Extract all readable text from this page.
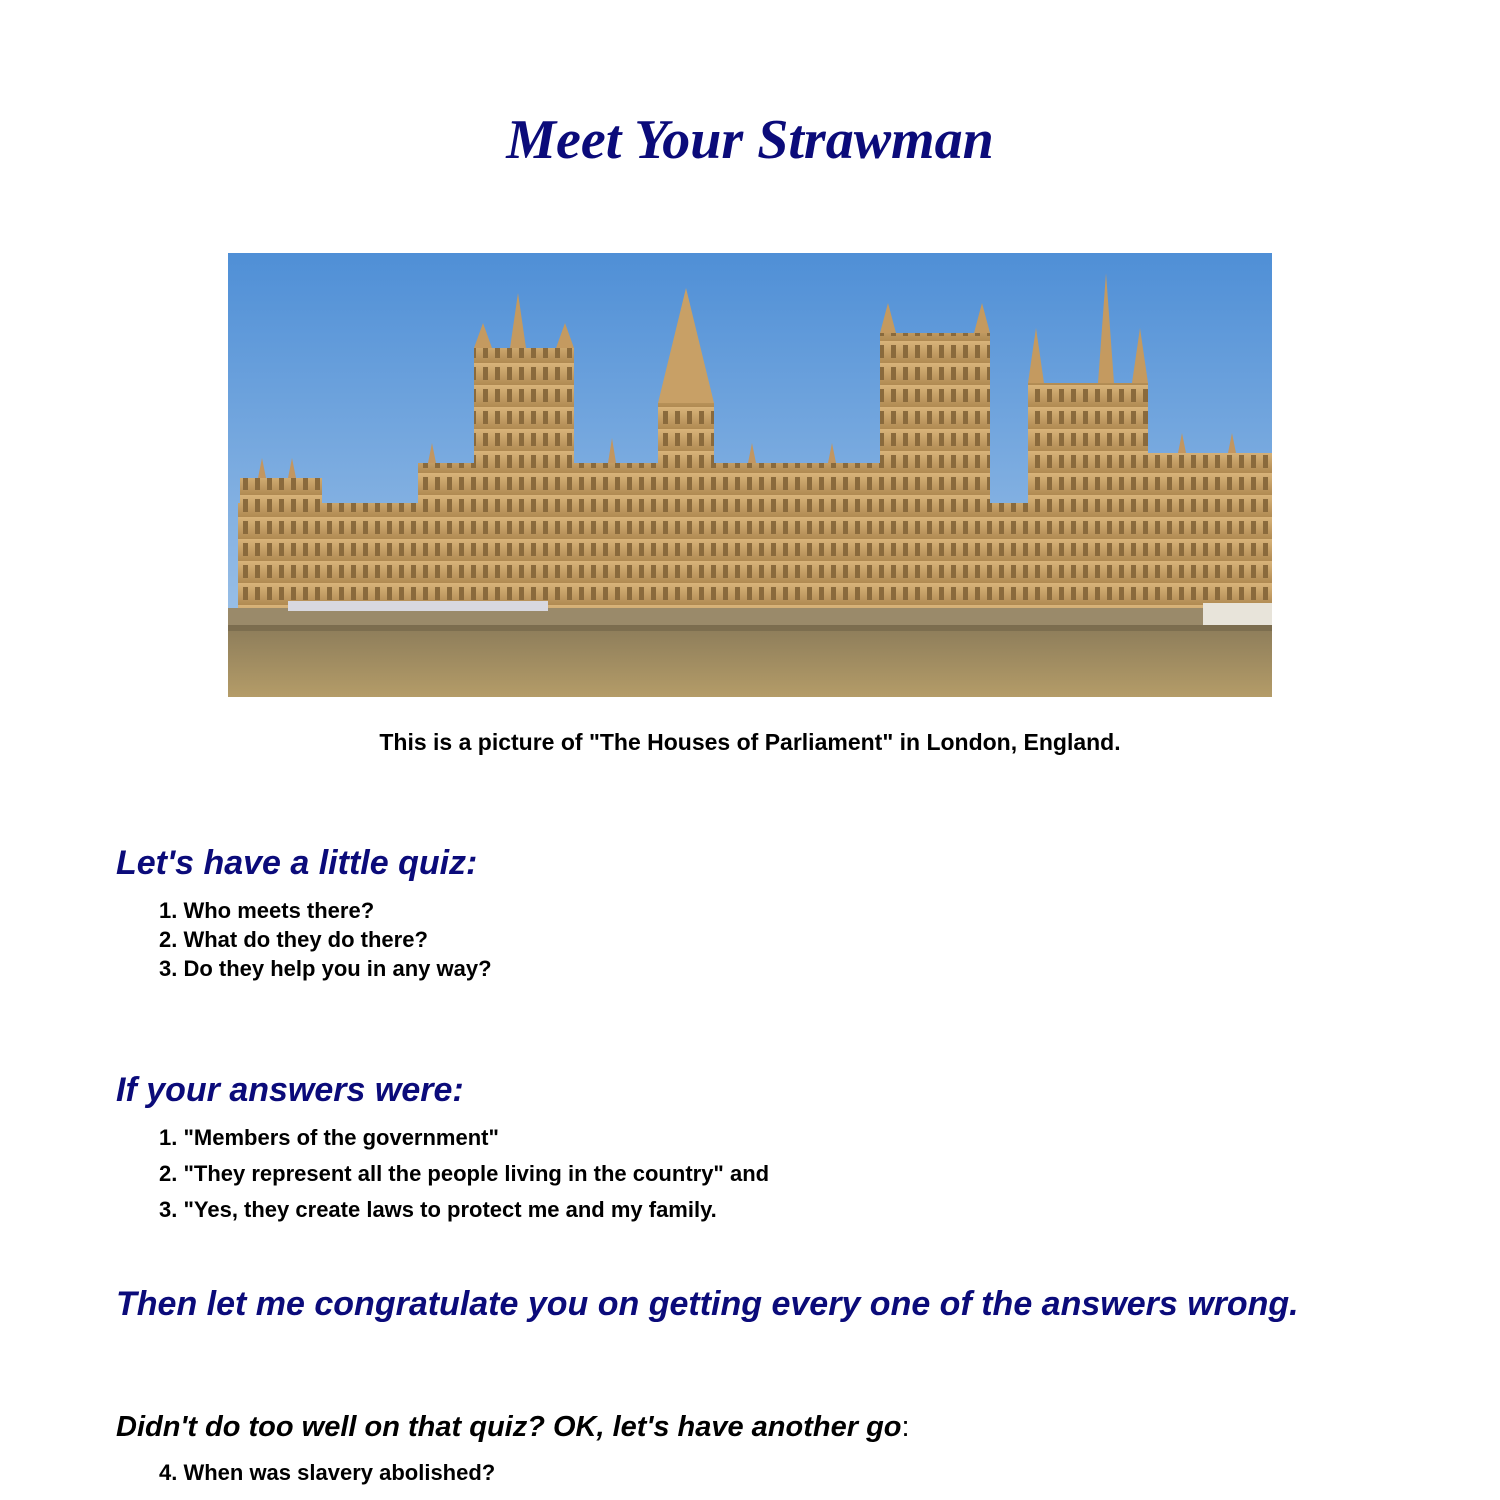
Meet Your Strawman
This is a picture of "The Houses of Parliament" in London, England.
Let's have a little quiz:
1. Who meets there?
2. What do they do there?
3. Do they help you in any way?
If your answers were:
1. "Members of the government"
2. "They represent all the people living in the country" and
3. "Yes, they create laws to protect me and my family.
Then let me congratulate you on getting every one of the answers wrong.
Didn't do too well on that quiz? OK, let's have another go:
4. When was slavery abolished?
